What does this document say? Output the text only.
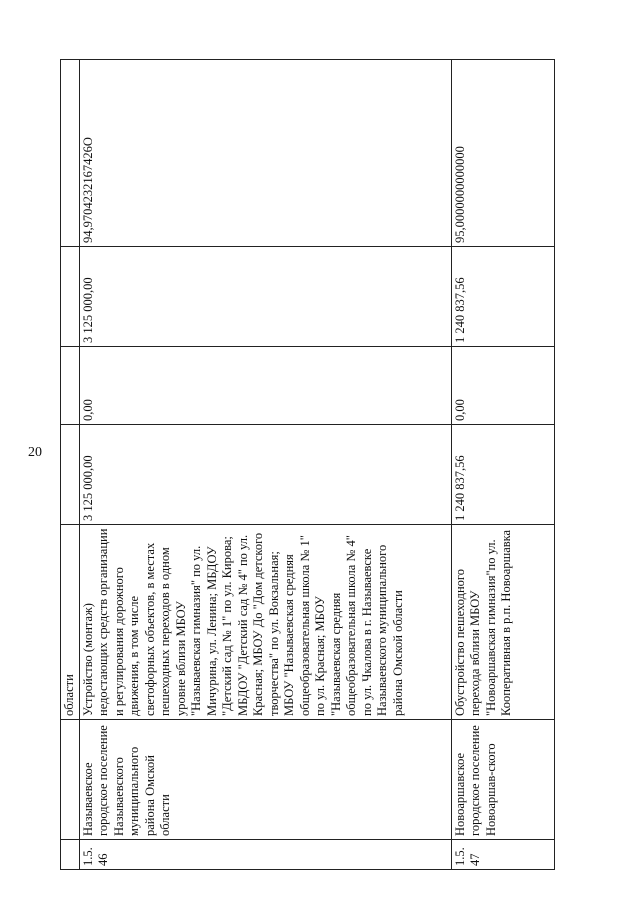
20
		области				
1.5.46	Называевское городское поселение Называевского муниципального района Омской области	Устройство (монтаж) недостающих средств организации и регулирования дорожного движения, в том числе светофорных объектов, в местах пешеходных переходов в одном уровне вблизи МБОУ "Называевская гимназия" по ул. Мичурина, ул. Ленина; МБДОУ "Детский сад № 1" по ул. Кирова; МБДОУ "Детский сад № 4" по ул. Красная; МБОУ До "Дом детского творчества" по ул. Вокзальная; МБОУ "Называевская средняя общеобразовательная школа № 1" по ул. Красная; МБОУ "Называевская средняя общеобразовательная школа № 4" по ул. Чкалова в г. Называевске Называевского муниципального района Омской области	3 125 000,00	0,00	3 125 000,00	94,9704232167426О
1.5.47	Новоаршавское городское поселение Новоаршав-ского	Обустройство пешеходного перехода вблизи МБОУ "Новоаршавская гимназия"по ул. Кооперативная в р.п. Новоаршавка	1 240 837,56	0,00	1 240 837,56	95,0000000000000
